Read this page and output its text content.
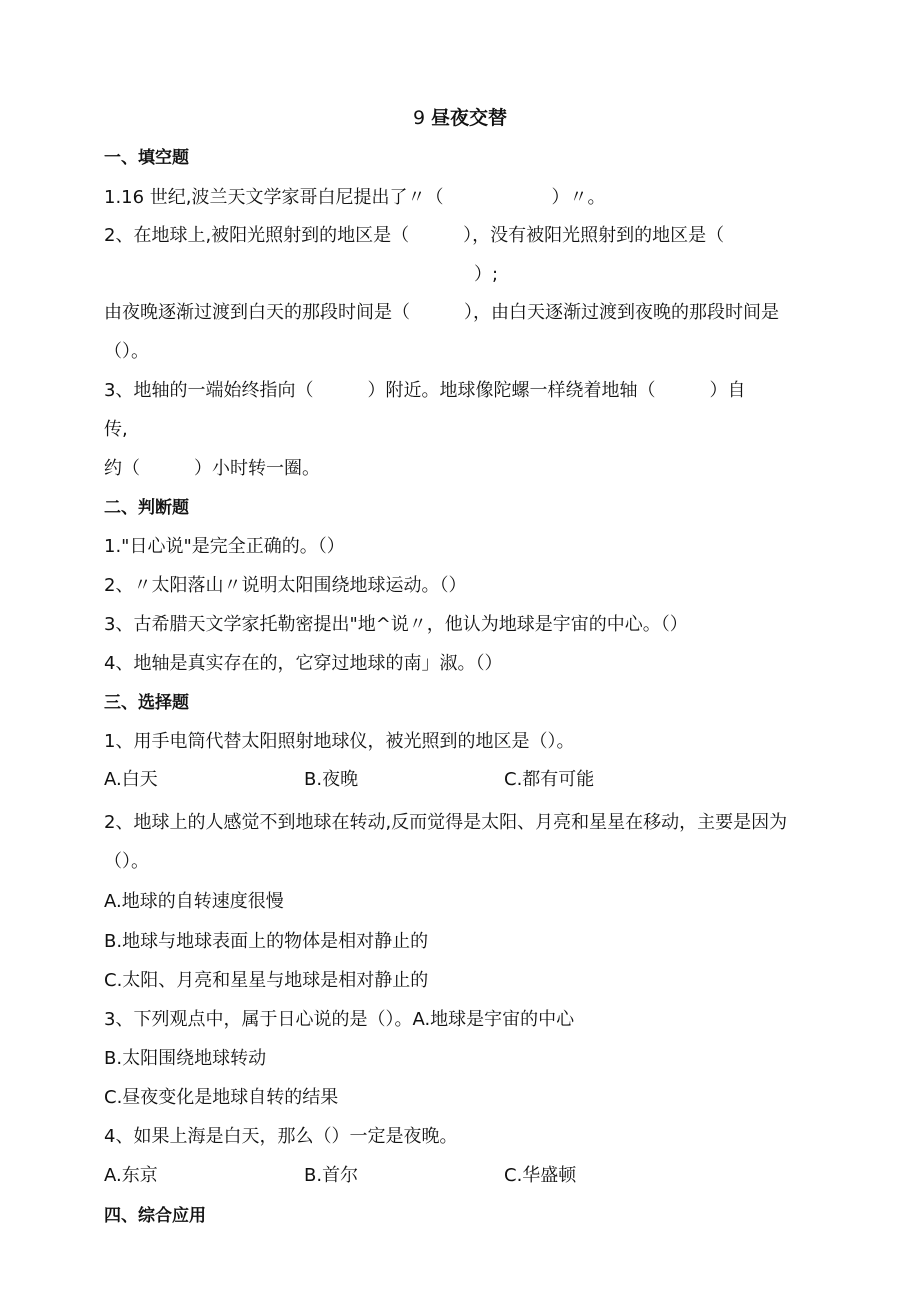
9 昼夜交替
一、填空题
1.16 世纪,波兰天文学家哥白尼提出了〃（　　　　　　）〃。
2、在地球上,被阳光照射到的地区是（　　　），没有被阳光照射到的地区是（
）;
由夜晚逐渐过渡到白天的那段时间是（　　　），由白天逐渐过渡到夜晚的那段时间是
（）。
3、地轴的一端始终指向（　　　）附近。地球像陀螺一样绕着地轴（　　　）自
传,
约（　　　）小时转一圈。
二、判断题
1."日心说"是完全正确的。（）
2、〃太阳落山〃说明太阳围绕地球运动。（）
3、古希腊天文学家托勒密提出"地^说〃，他认为地球是宇宙的中心。（）
4、地轴是真实存在的，它穿过地球的南」淑。（）
三、选择题
1、用手电筒代替太阳照射地球仪，被光照到的地区是（）。
A.白天	B.夜晚	C.都有可能
2、地球上的人感觉不到地球在转动,反而觉得是太阳、月亮和星星在移动，主要是因为
（）。
A.地球的自转速度很慢
B.地球与地球表面上的物体是相对静止的
C.太阳、月亮和星星与地球是相对静止的
3、下列观点中，属于日心说的是（）。A.地球是宇宙的中心
B.太阳围绕地球转动
C.昼夜变化是地球自转的结果
4、如果上海是白天，那么（）一定是夜晚。
A.东京	B.首尔	C.华盛顿
四、综合应用
